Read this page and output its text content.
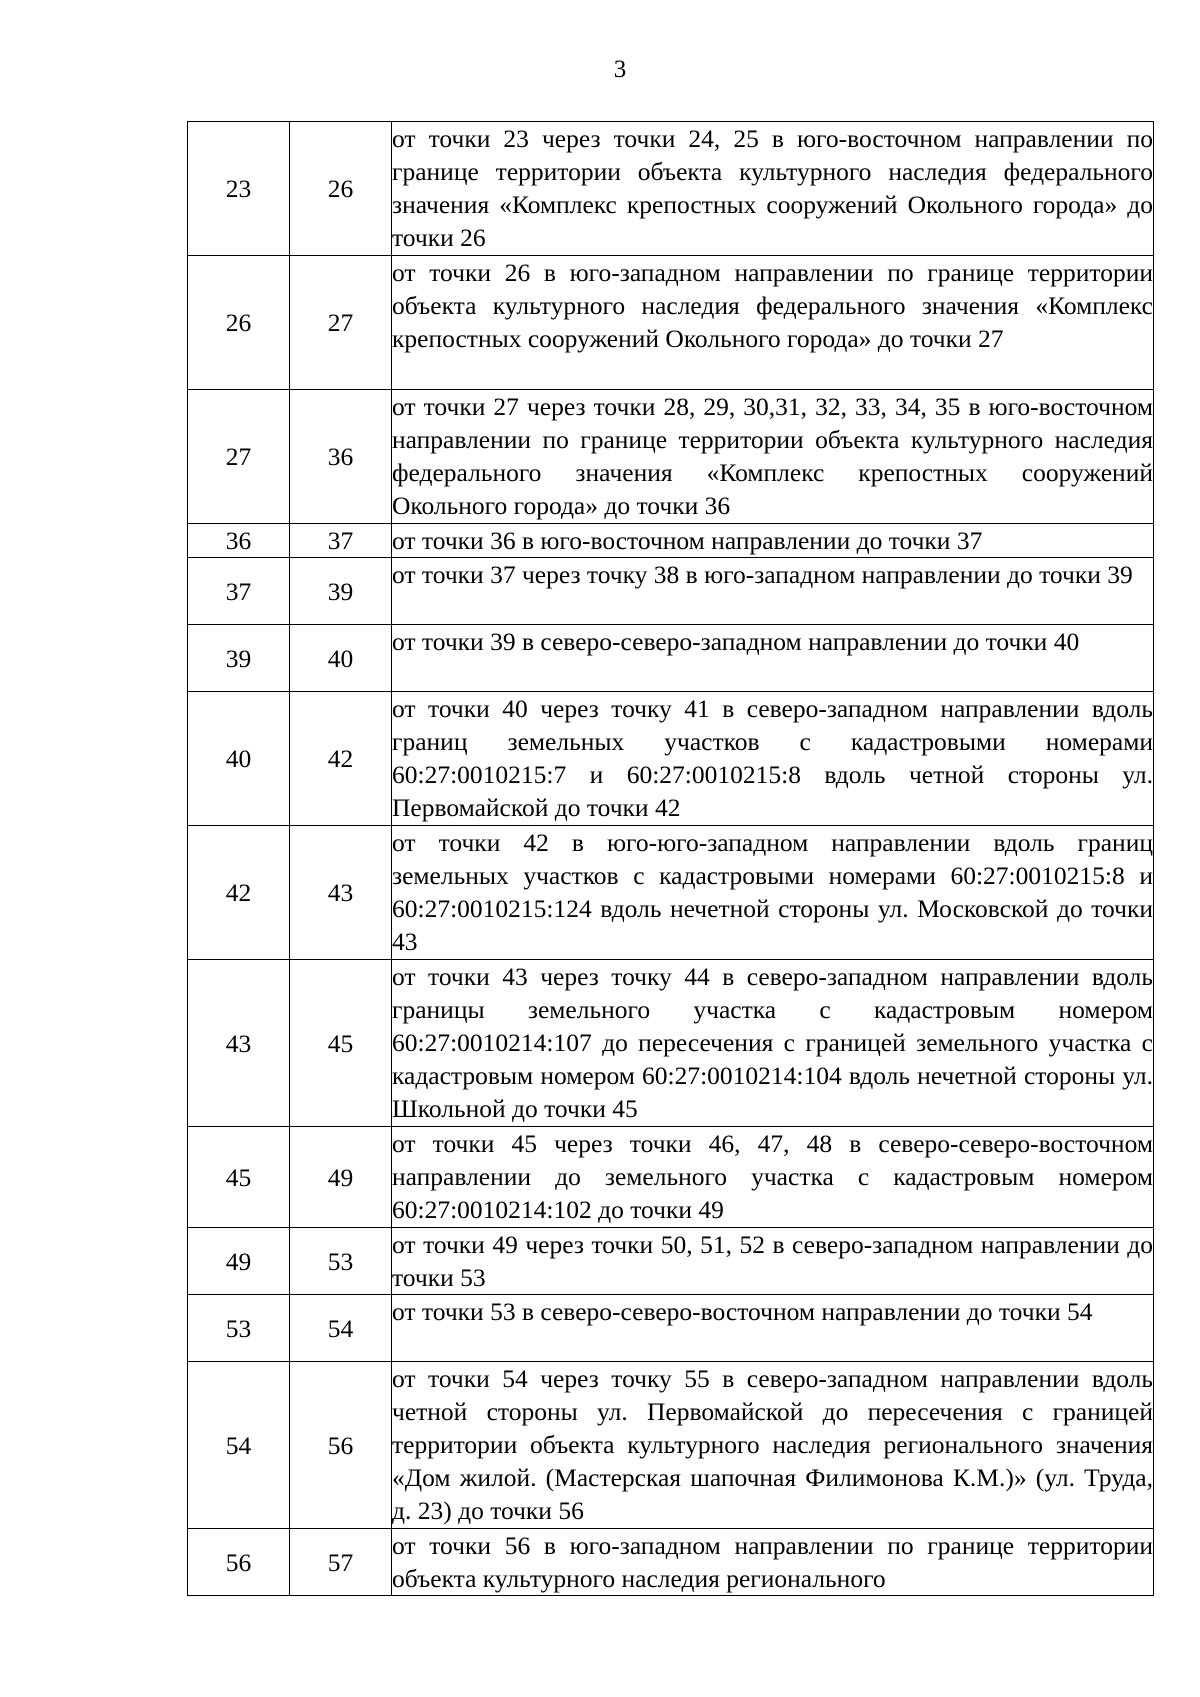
3
23	26	от точки 23 через точки 24, 25 в юго-восточном направлении по границе территории объекта культурного наследия федерального значения «Комплекс крепостных сооружений Окольного города» до точки 26
26	27	от точки 26 в юго-западном направлении по границе территории объекта культурного наследия федерального значения «Комплекс крепостных сооружений Окольного города» до точки 27
27	36	от точки 27 через точки 28, 29, 30,31, 32, 33, 34, 35 в юго-восточном направлении по границе территории объекта культурного наследия федерального значения «Комплекс крепостных сооружений Окольного города» до точки 36
36	37	от точки 36 в юго-восточном направлении до точки 37
37	39	от точки 37 через точку 38 в юго-западном направлении до точки 39
39	40	от точки 39 в северо-северо-западном направлении до точки 40
40	42	от точки 40 через точку 41 в северо-западном направлении вдоль границ земельных участков с кадастровыми номерами 60:27:0010215:7 и 60:27:0010215:8 вдоль четной стороны ул. Первомайской до точки 42
42	43	от точки 42 в юго-юго-западном направлении вдоль границ земельных участков с кадастровыми номерами 60:27:0010215:8 и 60:27:0010215:124 вдоль нечетной стороны ул. Московской до точки 43
43	45	от точки 43 через точку 44 в северо-западном направлении вдоль границы земельного участка с кадастровым номером 60:27:0010214:107 до пересечения с границей земельного участка с кадастровым номером 60:27:0010214:104 вдоль нечетной стороны ул. Школьной до точки 45
45	49	от точки 45 через точки 46, 47, 48 в северо-северо-восточном направлении до земельного участка с кадастровым номером 60:27:0010214:102 до точки 49
49	53	от точки 49 через точки 50, 51, 52 в северо-западном направлении до точки 53
53	54	от точки 53 в северо-северо-восточном направлении до точки 54
54	56	от точки 54 через точку 55 в северо-западном направлении вдоль четной стороны ул. Первомайской до пересечения с границей территории объекта культурного наследия регионального значения «Дом жилой. (Мастерская шапочная Филимонова К.М.)» (ул. Труда, д. 23) до точки 56
56	57	от точки 56 в юго-западном направлении по границе территории объекта культурного наследия регионального
